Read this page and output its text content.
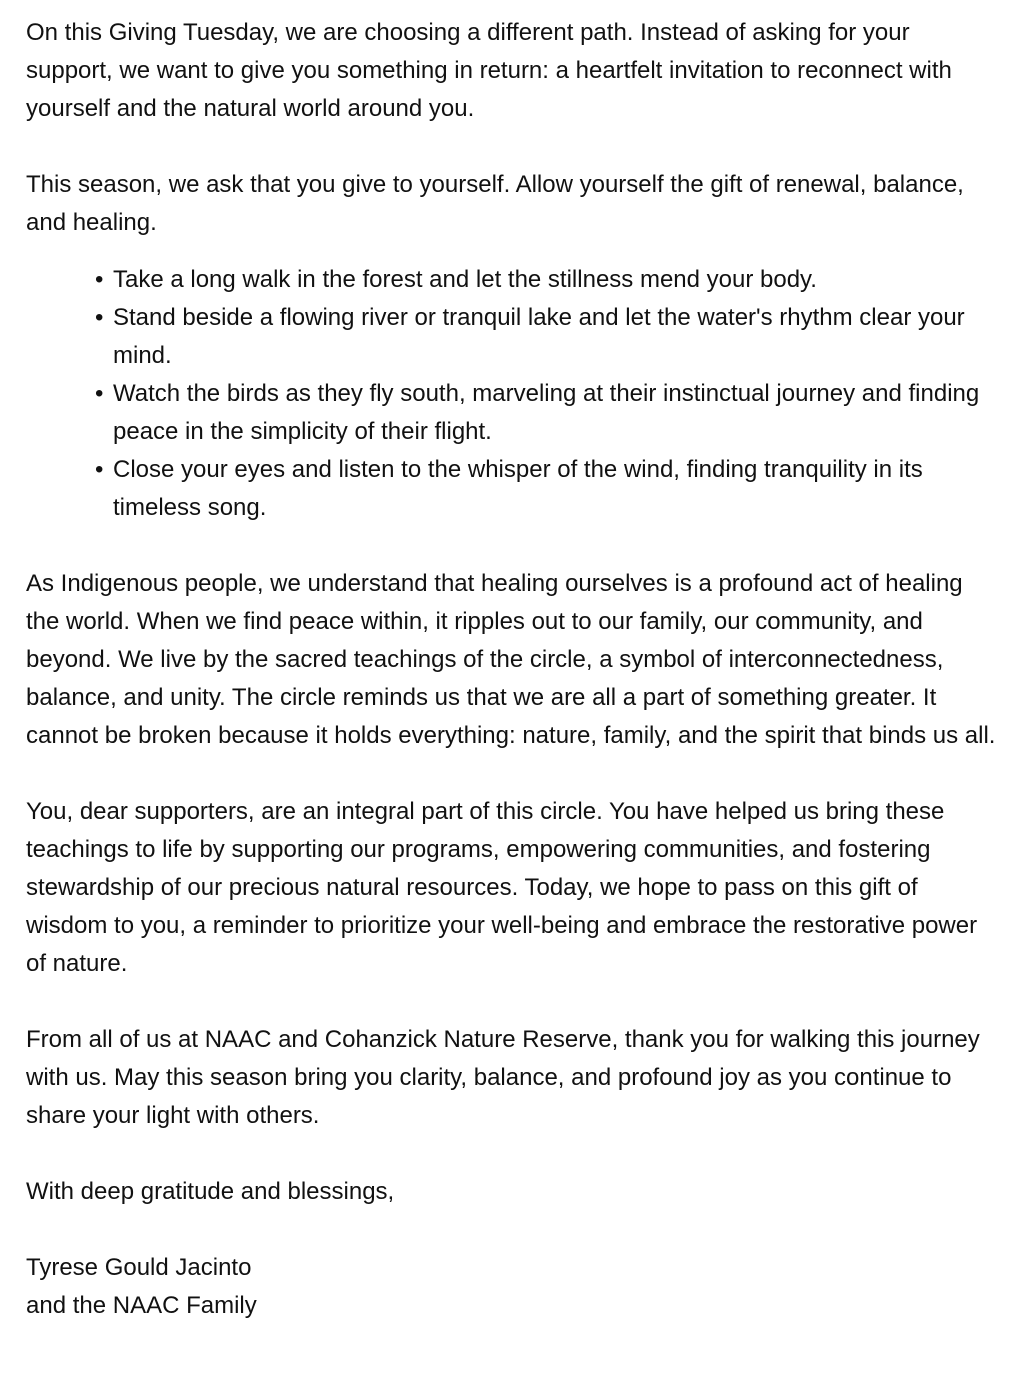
On this Giving Tuesday, we are choosing a different path. Instead of asking for your support, we want to give you something in return: a heartfelt invitation to reconnect with yourself and the natural world around you.

This season, we ask that you give to yourself. Allow yourself the gift of renewal, balance, and healing.

• Take a long walk in the forest and let the stillness mend your body.
• Stand beside a flowing river or tranquil lake and let the water's rhythm clear your mind.
• Watch the birds as they fly south, marveling at their instinctual journey and finding peace in the simplicity of their flight.
• Close your eyes and listen to the whisper of the wind, finding tranquility in its timeless song.

As Indigenous people, we understand that healing ourselves is a profound act of healing the world. When we find peace within, it ripples out to our family, our community, and beyond. We live by the sacred teachings of the circle, a symbol of interconnectedness, balance, and unity. The circle reminds us that we are all a part of something greater. It cannot be broken because it holds everything: nature, family, and the spirit that binds us all.

You, dear supporters, are an integral part of this circle. You have helped us bring these teachings to life by supporting our programs, empowering communities, and fostering stewardship of our precious natural resources. Today, we hope to pass on this gift of wisdom to you, a reminder to prioritize your well-being and embrace the restorative power of nature.

From all of us at NAAC and Cohanzick Nature Reserve, thank you for walking this journey with us. May this season bring you clarity, balance, and profound joy as you continue to share your light with others.

With deep gratitude and blessings,

Tyrese Gould Jacinto
and the NAAC Family
